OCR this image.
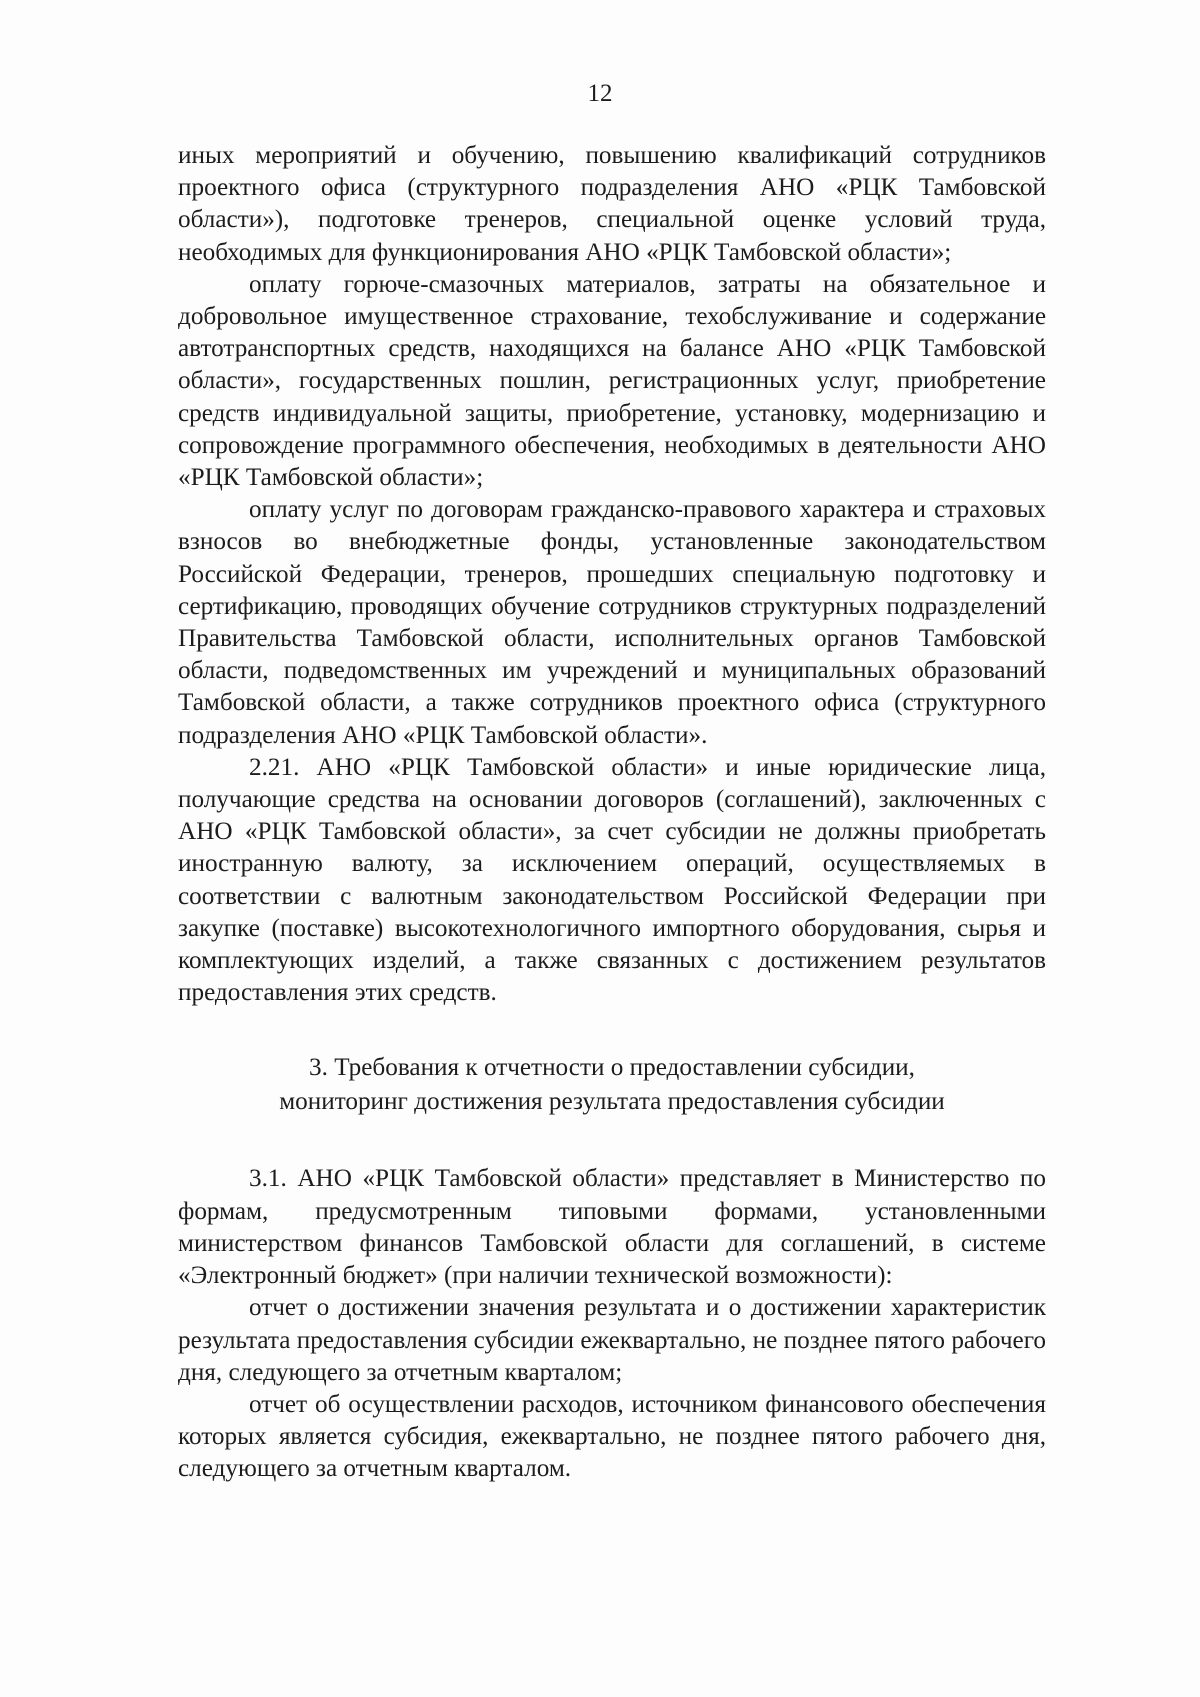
12

иных мероприятий и обучению, повышению квалификаций сотрудников проектного офиса (структурного подразделения АНО «РЦК Тамбовской области»), подготовке тренеров, специальной оценке условий труда, необходимых для функционирования АНО «РЦК Тамбовской области»;

оплату горюче-смазочных материалов, затраты на обязательное и добровольное имущественное страхование, техобслуживание и содержание автотранспортных средств, находящихся на балансе АНО «РЦК Тамбовской области», государственных пошлин, регистрационных услуг, приобретение средств индивидуальной защиты, приобретение, установку, модернизацию и сопровождение программного обеспечения, необходимых в деятельности АНО «РЦК Тамбовской области»;

оплату услуг по договорам гражданско-правового характера и страховых взносов во внебюджетные фонды, установленные законодательством Российской Федерации, тренеров, прошедших специальную подготовку и сертификацию, проводящих обучение сотрудников структурных подразделений Правительства Тамбовской области, исполнительных органов Тамбовской области, подведомственных им учреждений и муниципальных образований Тамбовской области, а также сотрудников проектного офиса (структурного подразделения АНО «РЦК Тамбовской области».

2.21. АНО «РЦК Тамбовской области» и иные юридические лица, получающие средства на основании договоров (соглашений), заключенных с АНО «РЦК Тамбовской области», за счет субсидии не должны приобретать иностранную валюту, за исключением операций, осуществляемых в соответствии с валютным законодательством Российской Федерации при закупке (поставке) высокотехнологичного импортного оборудования, сырья и комплектующих изделий, а также связанных с достижением результатов предоставления этих средств.

3. Требования к отчетности о предоставлении субсидии,

мониторинг достижения результата предоставления субсидии

3.1. АНО «РЦК Тамбовской области» представляет в Министерство по формам, предусмотренным типовыми формами, установленными министерством финансов Тамбовской области для соглашений, в системе «Электронный бюджет» (при наличии технической возможности):

отчет о достижении значения результата и о достижении характеристик результата предоставления субсидии ежеквартально, не позднее пятого рабочего дня, следующего за отчетным кварталом;

отчет об осуществлении расходов, источником финансового обеспечения которых является субсидия, ежеквартально, не позднее пятого рабочего дня, следующего за отчетным кварталом.
